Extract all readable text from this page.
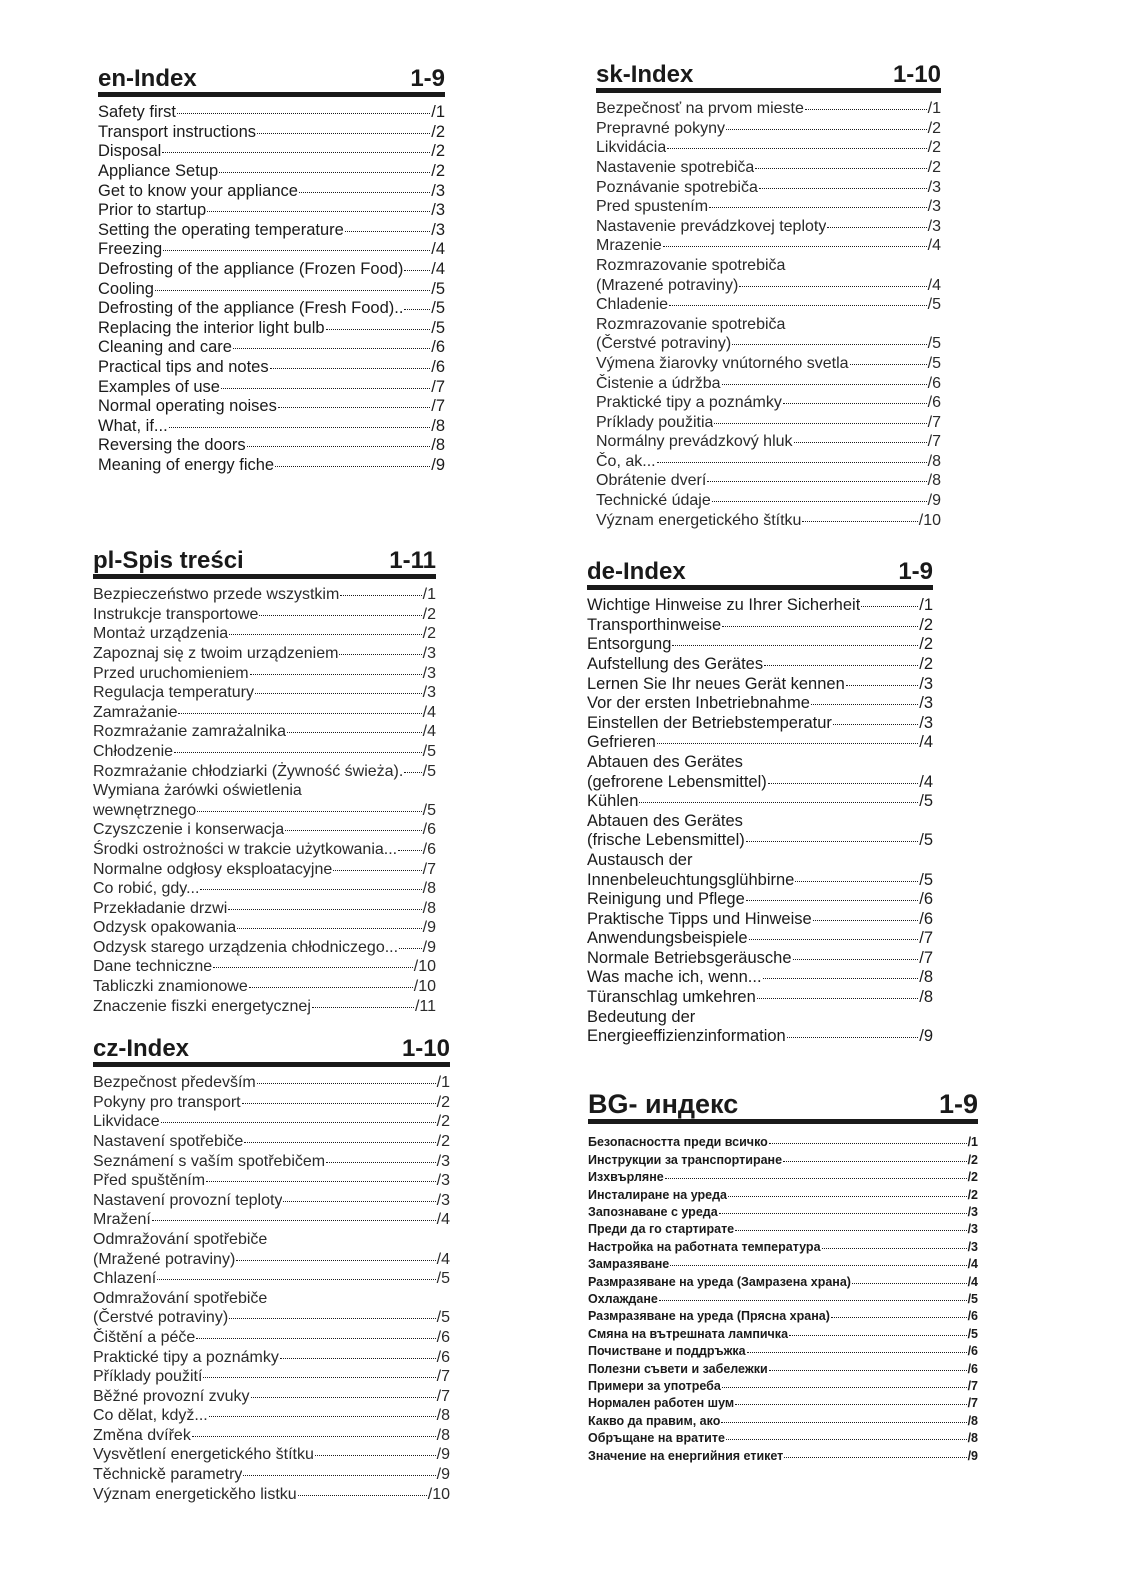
en-Index	1-9
Safety first	/1
Transport instructions	/2
Disposal	/2
Appliance Setup	/2
Get to know your appliance	/3
Prior to startup	/3
Setting the operating temperature	/3
Freezing	/4
Defrosting of the appliance (Frozen Food) /4
Cooling	/5
Defrosting of the appliance (Fresh Food).. /5
Replacing the interior light bulb	/5
Cleaning and care	/6
Practical tips and notes	/6
Examples of use	/7
Normal operating noises	/7
What, if...	/8
Reversing the doors	/8
Meaning of energy fiche	/9
sk-Index	1-10
Bezpečnosť na prvom mieste	/1
Prepravné pokyny	/2
Likvidácia	/2
Nastavenie spotrebiča	/2
Poznávanie spotrebiča	/3
Pred spustením	/3
Nastavenie prevádzkovej teploty	/3
Mrazenie	/4
Rozmrazovanie spotrebiča
(Mrazené potraviny)	/4
Chladenie	/5
Rozmrazovanie spotrebiča
(Čerstvé potraviny)	/5
Výmena žiarovky vnútorného svetla	/5
Čistenie a údržba	/6
Praktické tipy a poznámky	/6
Príklady použitia	/7
Normálny prevádzkový hluk	/7
Čo, ak...	/8
Obrátenie dverí	/8
Technické údaje	/9
Význam energetického štítku	/10
pl-Spis treści	1-11
Bezpieczeństwo przede wszystkim	/1
Instrukcje transportowe	/2
Montaż urządzenia	/2
Zapoznaj się z twoim urządzeniem	/3
Przed uruchomieniem	/3
Regulacja temperatury	/3
Zamrażanie	/4
Rozmrażanie zamrażalnika	/4
Chłodzenie	/5
Rozmrażanie chłodziarki (Żywność świeża). /5
Wymiana żarówki oświetlenia
wewnętrznego	/5
Czyszczenie i konserwacja	/6
Środki ostrożności w trakcie użytkowania... /6
Normalne odgłosy eksploatacyjne	/7
Co robić, gdy...	/8
Przekładanie drzwi	/8
Odzysk opakowania	/9
Odzysk starego urządzenia chłodniczego... /9
Dane techniczne	/10
Tabliczki znamionowe	/10
Znaczenie fiszki energetycznej	/11
de-Index	1-9
Wichtige Hinweise zu Ihrer Sicherheit	/1
Transporthinweise	/2
Entsorgung	/2
Aufstellung des Gerätes	/2
Lernen Sie Ihr neues Gerät kennen	/3
Vor der ersten Inbetriebnahme	/3
Einstellen der Betriebstemperatur	/3
Gefrieren	/4
Abtauen des Gerätes
(gefrorene Lebensmittel)	/4
Kühlen	/5
Abtauen des Gerätes
(frische Lebensmittel)	/5
Austausch der
Innenbeleuchtungsglühbirne	/5
Reinigung und Pflege	/6
Praktische Tipps und Hinweise	/6
Anwendungsbeispiele	/7
Normale Betriebsgeräusche	/7
Was mache ich, wenn...	/8
Türanschlag umkehren	/8
Bedeutung der
Energieeffizienzinformation	/9
cz-Index	1-10
Bezpečnost především	/1
Pokyny pro transport	/2
Likvidace	/2
Nastavení spotřebiče	/2
Seznámení s vaším spotřebičem	/3
Před spuštěním	/3
Nastavení provozní teploty	/3
Mražení	/4
Odmražování spotřebiče
(Mražené potraviny)	/4
Chlazení	/5
Odmražování spotřebiče
(Čerstvé potraviny)	/5
Čištění a péče	/6
Praktické tipy a poznámky	/6
Příklady použití	/7
Běžné provozní zvuky	/7
Co dělat, když...	/8
Změna dvířek	/8
Vysvětlení energetického štítku	/9
Těchnickě parametry	/9
Význam energetickěho listku	/10
BG- индекс	1-9
Безопасността преди всичко	/1
Инструкции за транспортиране	/2
Изхвърляне	/2
Инсталиране на уреда	/2
Запознаване с уреда	/3
Преди да го стартирате	/3
Настройка на работната температура	/3
Замразяване	/4
Размразяване на уреда (Замразена храна)	/4
Охлаждане	/5
Размразяване на уреда (Прясна храна)	/6
Смяна на вътрешната лампичка	/5
Почистване и поддръжка	/6
Полезни съвети и забележки	/6
Примери за употреба	/7
Нормален работен шум	/7
Какво да правим, ако	/8
Обръщане на вратите	/8
Значение на енергийния етикет	/9
